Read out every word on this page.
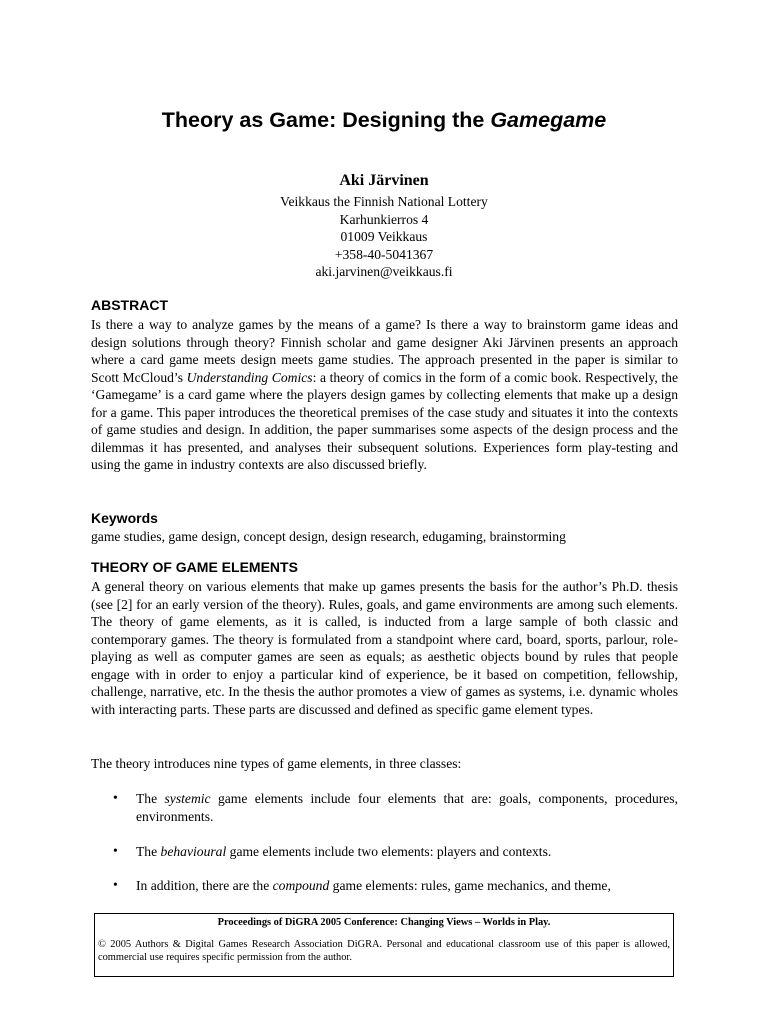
Theory as Game: Designing the Gamegame
Aki Järvinen
Veikkaus the Finnish National Lottery
Karhunkierros 4
01009 Veikkaus
+358-40-5041367
aki.jarvinen@veikkaus.fi
ABSTRACT
Is there a way to analyze games by the means of a game? Is there a way to brainstorm game ideas and design solutions through theory? Finnish scholar and game designer Aki Järvinen presents an approach where a card game meets design meets game studies. The approach presented in the paper is similar to Scott McCloud’s Understanding Comics: a theory of comics in the form of a comic book. Respectively, the ‘Gamegame’ is a card game where the players design games by collecting elements that make up a design for a game. This paper introduces the theoretical premises of the case study and situates it into the contexts of game studies and design. In addition, the paper summarises some aspects of the design process and the dilemmas it has presented, and analyses their subsequent solutions. Experiences form play-testing and using the game in industry contexts are also discussed briefly.
Keywords
game studies, game design, concept design, design research, edugaming, brainstorming
THEORY OF GAME ELEMENTS
A general theory on various elements that make up games presents the basis for the author’s Ph.D. thesis (see [2] for an early version of the theory). Rules, goals, and game environments are among such elements. The theory of game elements, as it is called, is inducted from a large sample of both classic and contemporary games. The theory is formulated from a standpoint where card, board, sports, parlour, role-playing as well as computer games are seen as equals; as aesthetic objects bound by rules that people engage with in order to enjoy a particular kind of experience, be it based on competition, fellowship, challenge, narrative, etc. In the thesis the author promotes a view of games as systems, i.e. dynamic wholes with interacting parts. These parts are discussed and defined as specific game element types.
The theory introduces nine types of game elements, in three classes:
• The systemic game elements include four elements that are: goals, components, procedures, environments.
• The behavioural game elements include two elements: players and contexts.
• In addition, there are the compound game elements: rules, game mechanics, and theme,
Proceedings of DiGRA 2005 Conference: Changing Views – Worlds in Play.
© 2005 Authors & Digital Games Research Association DiGRA. Personal and educational classroom use of this paper is allowed, commercial use requires specific permission from the author.
